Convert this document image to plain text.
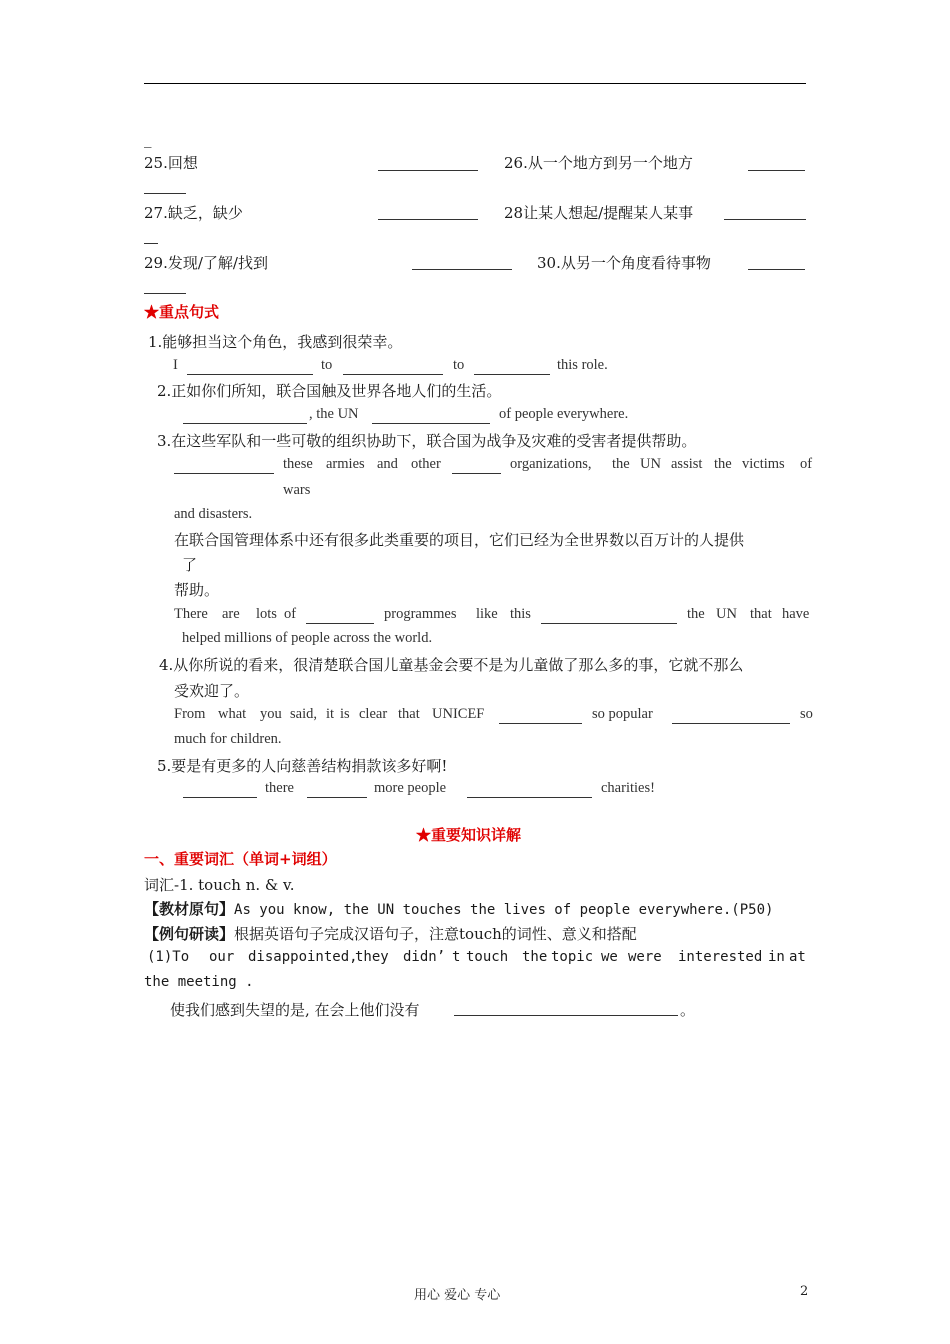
_
25.回想	26.从一个地方到另一个地方
27.缺乏，缺少	28让某人想起/提醒某人某事
29.发现/了解/找到	30.从另一个角度看待事物
★重点句式
1.能够担当这个角色，我感到很荣幸。
I	to	to	this role.
2.正如你们所知，联合国触及世界各地人们的生活。
, the UN	of people everywhere.
3.在这些军队和一些可敬的组织协助下，联合国为战争及灾难的受害者提供帮助。
these armies and other	organizations, the UN assist the victims of
wars
and disasters.
在联合国管理体系中还有很多此类重要的项目，它们已经为全世界数以百万计的人提供
了
帮助。
There are lots of	programmes like this	the UN that have
helped millions of people across the world.
4.从你所说的看来，很清楚联合国儿童基金会要不是为儿童做了那么多的事，它就不那么
受欢迎了。
From what you said, it is clear that UNICEF	so popular	so
much for children.
5.要是有更多的人向慈善结构捐款该多好啊!
there	more people	charities!
★重要知识详解
一、重要词汇（单词+词组）
词汇-1. touch n. & v.
【教材原句】As you know, the UN touches the lives of people everywhere.(P50)
【例句研读】根据英语句子完成汉语句子，注意touch的词性、意义和搭配
(1)To our disappointed,
they didn’ t touch the topic we were interested in at
the meeting .
使我们感到失望的是, 在会上他们没有	。
用心 爱心 专心	2
